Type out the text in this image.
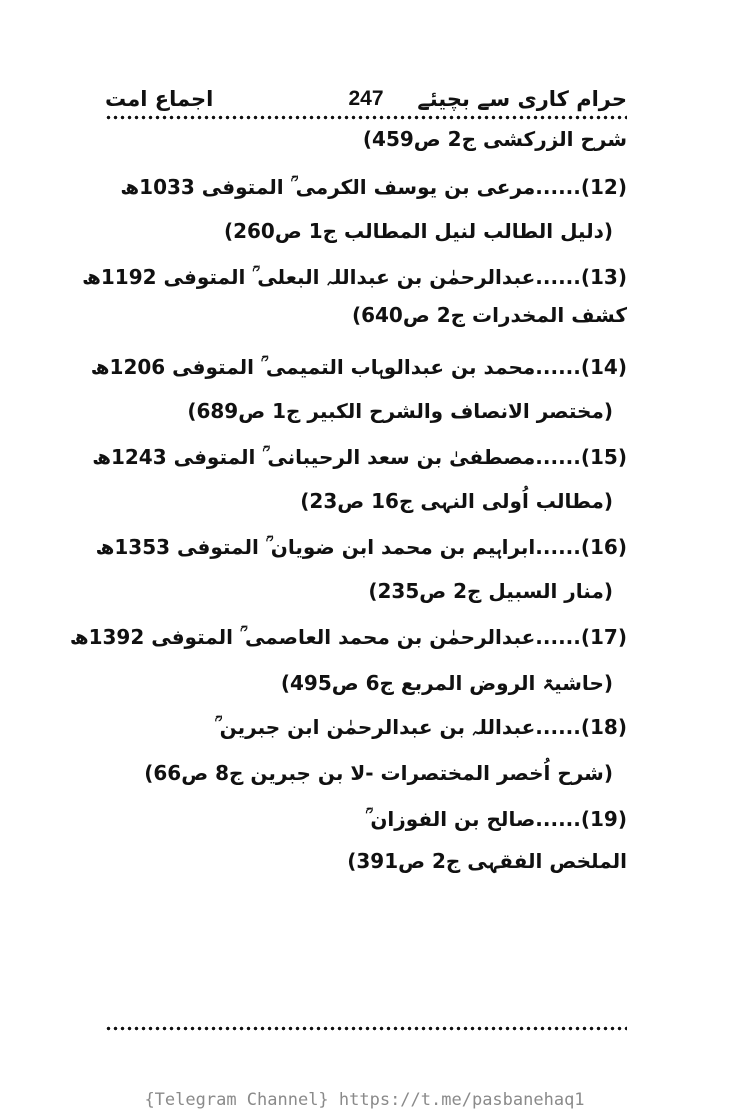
حرام کاری سے بچیئے
247
اجماع امت
شرح الزرکشی ج2 ص459)
(12)......مرعی بن یوسف الکرمی ؒ المتوفی 1033ھ
(دلیل الطالب لنیل المطالب ج1 ص260)
(13)......عبدالرحمٰن بن عبداللہ البعلی ؒ المتوفی 1192ھ
کشف المخدرات ج2 ص640)
(14)......محمد بن عبدالوہاب التمیمی ؒ المتوفی 1206ھ
(مختصر الانصاف والشرح الکبیر ج1 ص689)
(15)......مصطفیٰ بن سعد الرحیبانی ؒ المتوفی 1243ھ
(مطالب اُولی النہی ج16 ص23)
(16)......ابراہیم بن محمد ابن ضویان ؒ المتوفی 1353ھ
(منار السبیل ج2 ص235)
(17)......عبدالرحمٰن بن محمد العاصمی ؒ المتوفی 1392ھ
(حاشیۃ الروض المربع ج6 ص495)
(18)......عبداللہ بن عبدالرحمٰن ابن جبرین ؒ
(شرح اُخصر المختصرات -لا بن جبرین ج8 ص66)
(19)......صالح بن الفوزان ؒ
الملخص الفقہی ج2 ص391)
{Telegram Channel} https://t.me/pasbanehaq1
